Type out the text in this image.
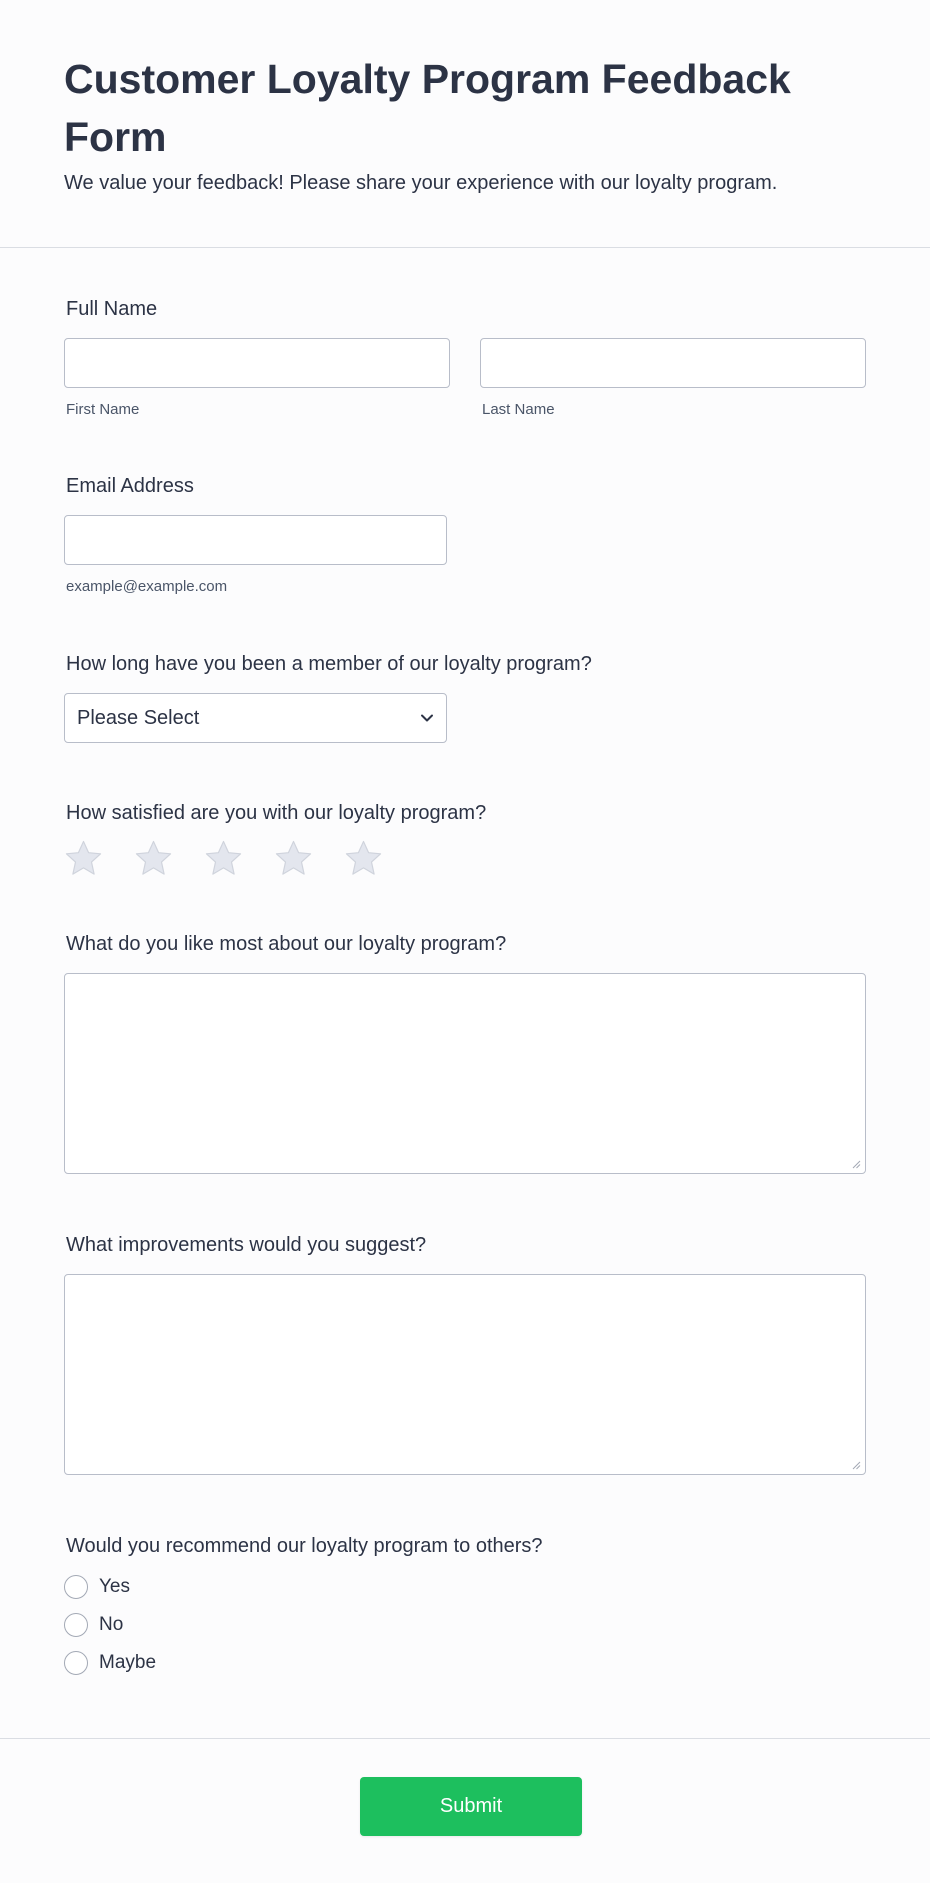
Customer Loyalty Program Feedback Form
We value your feedback! Please share your experience with our loyalty program.
Full Name
First Name	Last Name
Email Address
example@example.com
How long have you been a member of our loyalty program?
Please Select
How satisfied are you with our loyalty program?
What do you like most about our loyalty program?
What improvements would you suggest?
Would you recommend our loyalty program to others?
Yes
No
Maybe
Submit
